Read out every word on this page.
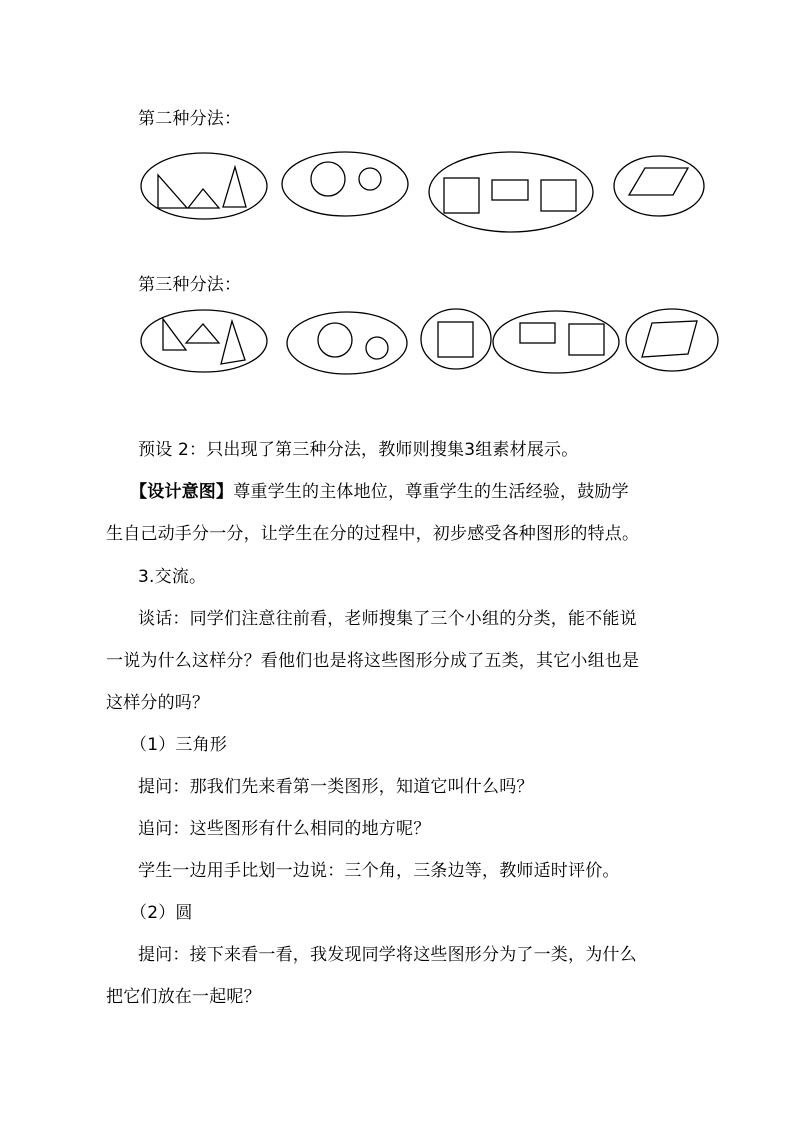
第二种分法：
第三种分法：
预设 2：只出现了第三种分法，教师则搜集3组素材展示。
【设计意图】尊重学生的主体地位，尊重学生的生活经验，鼓励学
生自己动手分一分，让学生在分的过程中，初步感受各种图形的特点。
3.交流。
谈话：同学们注意往前看，老师搜集了三个小组的分类，能不能说
一说为什么这样分？看他们也是将这些图形分成了五类，其它小组也是
这样分的吗？
（1）三角形
提问：那我们先来看第一类图形，知道它叫什么吗？
追问：这些图形有什么相同的地方呢？
学生一边用手比划一边说：三个角，三条边等，教师适时评价。
（2）圆
提问：接下来看一看，我发现同学将这些图形分为了一类，为什么
把它们放在一起呢？
